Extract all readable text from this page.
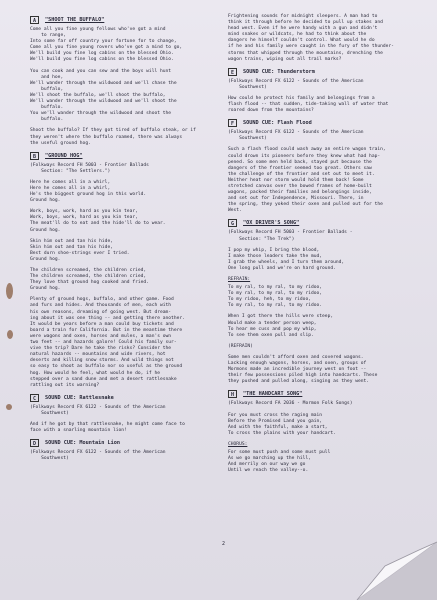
A	"SHOOT THE BUFFALO"

Come all you fine young fellows who've got a mind
to range,
Into some far off country your fortune for to change,
Come all you fine young rovers who've got a mind to go,
We'll build you fine log cabins on the blessed Ohio.
We'll build you fine log cabins on the blessed Ohio.

You can cook and you can sew and the boys will hunt
and hoe,
We'll wander through the wildwood and we'll chase the
buffalo,
We'll shoot the buffalo, we'll shoot the buffalo,
We'll wander through the wildwood and we'll shoot the
buffalo.
You we'll wander through the wildwood and shoot the
buffalo.

Shoot the buffalo? If they got tired of buffalo steak, or if
they weren't where the buffalo roamed, there was always
the useful ground hog.

B	"GROUND HOG"

(Folkways Record FH 5003 - Frontier Ballads
Section: "The Settlers.")

Here he comes all in a whirl,
Here he comes all in a whirl,
He's the biggest ground hog in this world.
Ground hog.

Work, boys, work, hard as you kin tear,
Work, boys, work, hard as you kin tear,
The meat'll do to eat and the hide'll do to wear.
Ground hog.

Skin him out and tan his hide,
Skin him out and tan his hide,
Best durn shoe-strings ever I tried.
Ground hog.

The children screamed, the children cried,
The children screamed, the children cried,
They love that ground hog cooked and fried.
Ground hog.

Plenty of ground hogs, buffalo, and other game. Food
and furs and hides. And thousands of men, each with
his own reasons, dreaming of going west. But dream-
ing about it was one thing -- and getting there another.
It would be years before a man could buy tickets and
board a train for California. But in the meantime there
were wagons and oxen, horses and mules, a man's own
two feet -- and hazards galore! Could his family sur-
vive the trip? Dare he take the risks? Consider the
natural hazards -- mountains and wide rivers, hot
deserts and killing snow storms. And wild things not
so easy to shoot as buffalo nor so useful as the ground
hog. How would he feel, what would he do, if he
stepped over a sand dune and met a desert rattlesnake
rattling out its warning?

C	SOUND CUE: Rattlesnake

(Folkways Record FX 6122 - Sounds of the American
Southwest)

And if he got by that rattlesnake, he might come face to
face with a snarling mountain lion!

D	SOUND CUE: Mountain Lion

(Folkways Record FX 6122 - Sounds of the American
Southwest)

Frightening sounds for midnight sleepers. A man had to
think it through before he decided to pull up stakes and
head west. Even if he were handy with a gun and didn't
mind snakes or wildcats, he had to think about the
dangers he himself couldn't control. What would he do
if he and his family were caught in the fury of the thunder-
storms that whipped through the mountains, drenching the
wagon trains, wiping out all trail marks?

E	SOUND CUE: Thunderstorm

(Folkways Record FX 6122 - Sounds of the American
Southwest)

How could he protect his family and belongings from a
flash flood -- that sudden, tide-taking wall of water that
roared down from the mountains?

F	SOUND CUE: Flash Flood

(Folkways Record FX 6122 - Sounds of the American
Southwest)

Such a flash flood could wash away an entire wagon train,
could drown its pioneers before they knew what had hap-
pened. So some men held back, stayed put because the
dangers of the frontier seemed too great. Others saw
the challenge of the frontier and set out to meet it.
Neither heat nor storm would hold them back! Some
stretched canvas over the bowed frames of home-built
wagons, packed their families and belongings inside,
and set out for Independence, Missouri. There, in
the spring, they yoked their oxen and pulled out for the
West.

G	"OX DRIVER'S SONG"

(Folkways Record FH 5003 - Frontier Ballads -
Section: "The Trek")

I pop my whip, I bring the blood,
I make those leaders take the mud,
I grab the wheels, and I turn them around,
One long pull and we're on hard ground.

REFRAIN:

To my ral, to my ral, to my ridoo,
To my ral, to my ral, to my ridoo,
To my ridoo, heh, to my ridoo,
To my ral, to my ral, to my ridoo.

When I got there the hills were steep,
Would make a tender person weep,
To hear me cuss and pop my whip,
To see them oxen pull and slip.

(REFRAIN)

Some men couldn't afford oxen and covered wagons.
Lacking enough wagons, horses, and oxen, groups of
Mormons made an incredible journey west on foot --
their few possessions piled high into handcarts. These
they pushed and pulled along, singing as they went.

H	"THE HANDCART SONG"

(Folkways Record FA 2036 - Mormon Folk Songs)

For you must cross the raging main
Before the Promised Land you gain,
And with the faithful, make a start,
To cross the plains with your handcart.

CHORUS:

For some must push and some must pull
As we go marching up the hill,
And merrily on our way we go
Until we reach the valley--o.

2
